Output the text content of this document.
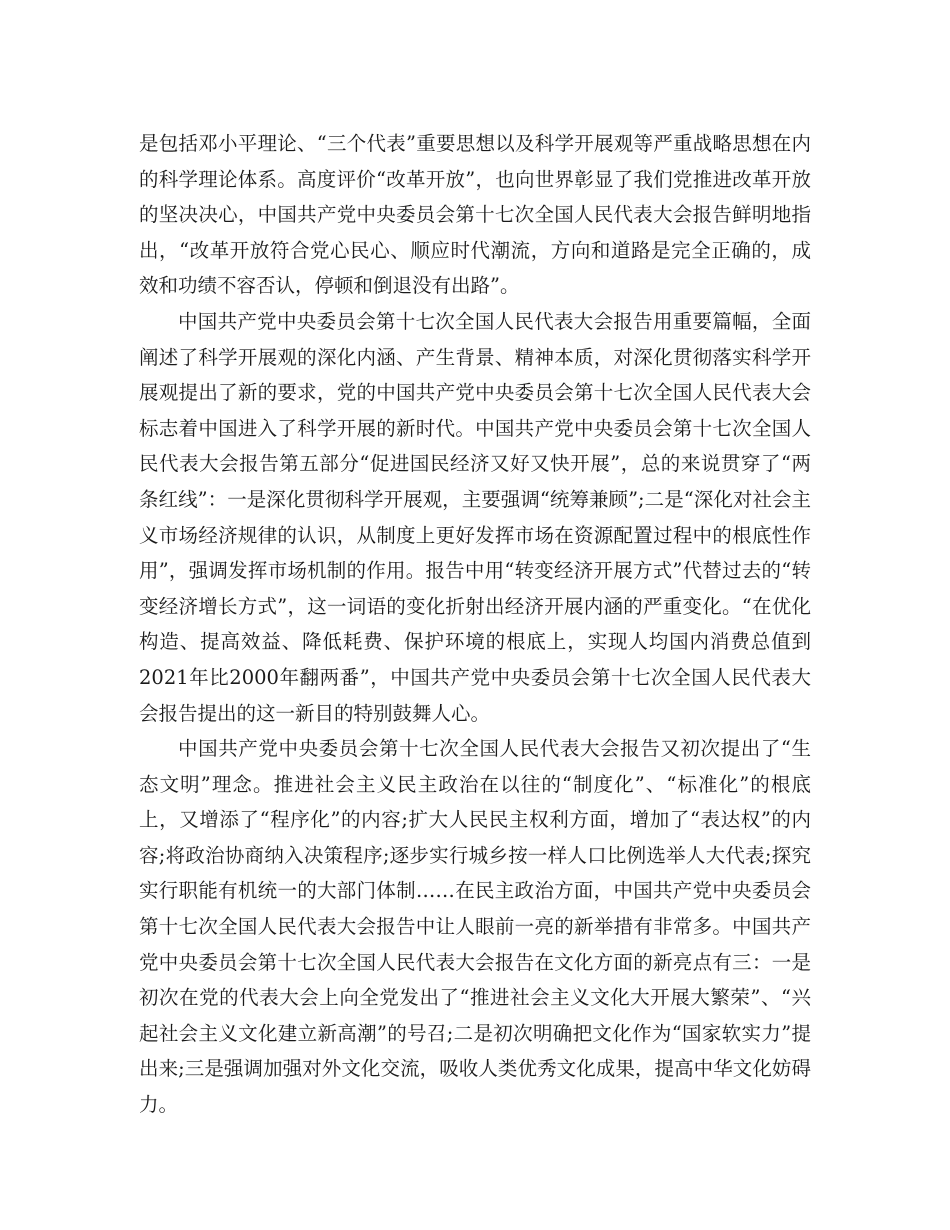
是包括邓小平理论、“三个代表”重要思想以及科学开展观等严重战略思想在内的科学理论体系。高度评价“改革开放”，也向世界彰显了我们党推进改革开放的坚决决心，中国共产党中央委员会第十七次全国人民代表大会报告鲜明地指出，“改革开放符合党心民心、顺应时代潮流，方向和道路是完全正确的，成效和功绩不容否认，停顿和倒退没有出路”。

中国共产党中央委员会第十七次全国人民代表大会报告用重要篇幅，全面阐述了科学开展观的深化内涵、产生背景、精神本质，对深化贯彻落实科学开展观提出了新的要求，党的中国共产党中央委员会第十七次全国人民代表大会标志着中国进入了科学开展的新时代。中国共产党中央委员会第十七次全国人民代表大会报告第五部分“促进国民经济又好又快开展”，总的来说贯穿了“两条红线”：一是深化贯彻科学开展观，主要强调“统筹兼顾”;二是“深化对社会主义市场经济规律的认识，从制度上更好发挥市场在资源配置过程中的根底性作用”，强调发挥市场机制的作用。报告中用“转变经济开展方式”代替过去的“转变经济增长方式”，这一词语的变化折射出经济开展内涵的严重变化。“在优化构造、提高效益、降低耗费、保护环境的根底上，实现人均国内消费总值到2021年比2000年翻两番”，中国共产党中央委员会第十七次全国人民代表大会报告提出的这一新目的特别鼓舞人心。

中国共产党中央委员会第十七次全国人民代表大会报告又初次提出了“生态文明”理念。推进社会主义民主政治在以往的“制度化”、“标准化”的根底上，又增添了“程序化”的内容;扩大人民民主权利方面，增加了“表达权”的内容;将政治协商纳入决策程序;逐步实行城乡按一样人口比例选举人大代表;探究实行职能有机统一的大部门体制……在民主政治方面，中国共产党中央委员会第十七次全国人民代表大会报告中让人眼前一亮的新举措有非常多。中国共产党中央委员会第十七次全国人民代表大会报告在文化方面的新亮点有三：一是初次在党的代表大会上向全党发出了“推进社会主义文化大开展大繁荣”、“兴起社会主义文化建立新高潮”的号召;二是初次明确把文化作为“国家软实力”提出来;三是强调加强对外文化交流，吸收人类优秀文化成果，提高中华文化妨碍力。
